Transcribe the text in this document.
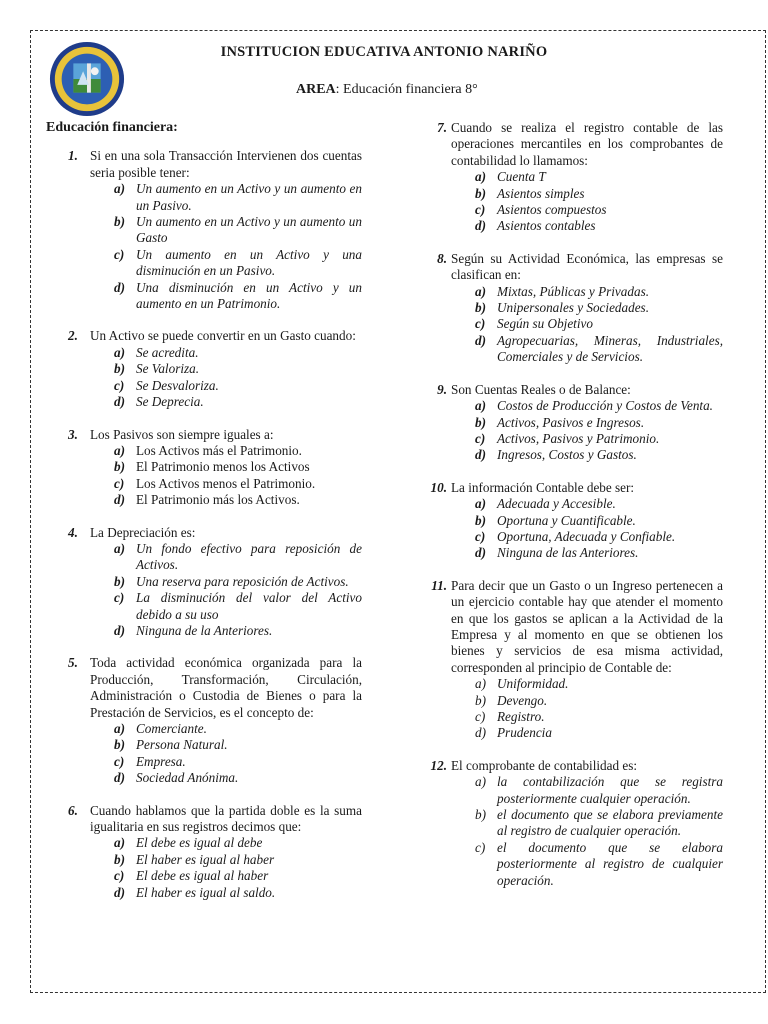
INSTITUCION EDUCATIVA ANTONIO NARIÑO
AREA: Educación financiera 8°
Educación financiera:
1. Si en una sola Transacción Intervienen dos cuentas seria posible tener:
a) Un aumento en un Activo y un aumento en un Pasivo.
b) Un aumento en un Activo y un aumento un Gasto
c) Un aumento en un Activo y una disminución en un Pasivo.
d) Una disminución en un Activo y un aumento en un Patrimonio.
2. Un Activo se puede convertir en un Gasto cuando:
a) Se acredita.
b) Se Valoriza.
c) Se Desvaloriza.
d) Se Deprecia.
3. Los Pasivos son siempre iguales a:
a) Los Activos más el Patrimonio.
b) El Patrimonio menos los Activos
c) Los Activos menos el Patrimonio.
d) El Patrimonio más los Activos.
4. La Depreciación es:
a) Un fondo efectivo para reposición de Activos.
b) Una reserva para reposición de Activos.
c) La disminución del valor del Activo debido a su uso
d) Ninguna de la Anteriores.
5. Toda actividad económica organizada para la Producción, Transformación, Circulación, Administración o Custodia de Bienes o para la Prestación de Servicios, es el concepto de:
a) Comerciante.
b) Persona Natural.
c) Empresa.
d) Sociedad Anónima.
6. Cuando hablamos que la partida doble es la suma igualitaria en sus registros decimos que:
a) El debe es igual al debe
b) El haber es igual al haber
c) El debe es igual al haber
d) El haber es igual al saldo.
7. Cuando se realiza el registro contable de las operaciones mercantiles en los comprobantes de contabilidad lo llamamos:
a) Cuenta T
b) Asientos simples
c) Asientos compuestos
d) Asientos contables
8. Según su Actividad Económica, las empresas se clasifican en:
a) Mixtas, Públicas y Privadas.
b) Unipersonales y Sociedades.
c) Según su Objetivo
d) Agropecuarias, Mineras, Industriales, Comerciales y de Servicios.
9. Son Cuentas Reales o de Balance:
a) Costos de Producción y Costos de Venta.
b) Activos, Pasivos e Ingresos.
c) Activos, Pasivos y Patrimonio.
d) Ingresos, Costos y Gastos.
10. La información Contable debe ser:
a) Adecuada y Accesible.
b) Oportuna y Cuantificable.
c) Oportuna, Adecuada y Confiable.
d) Ninguna de las Anteriores.
11. Para decir que un Gasto o un Ingreso pertenecen a un ejercicio contable hay que atender el momento en que los gastos se aplican a la Actividad de la Empresa y al momento en que se obtienen los bienes y servicios de esa misma actividad, corresponden al principio de Contable de:
a) Uniformidad.
b) Devengo.
c) Registro.
d) Prudencia
12. El comprobante de contabilidad es:
a) la contabilización que se registra posteriormente cualquier operación.
b) el documento que se elabora previamente al registro de cualquier operación.
c) el documento que se elabora posteriormente al registro de cualquier operación.
